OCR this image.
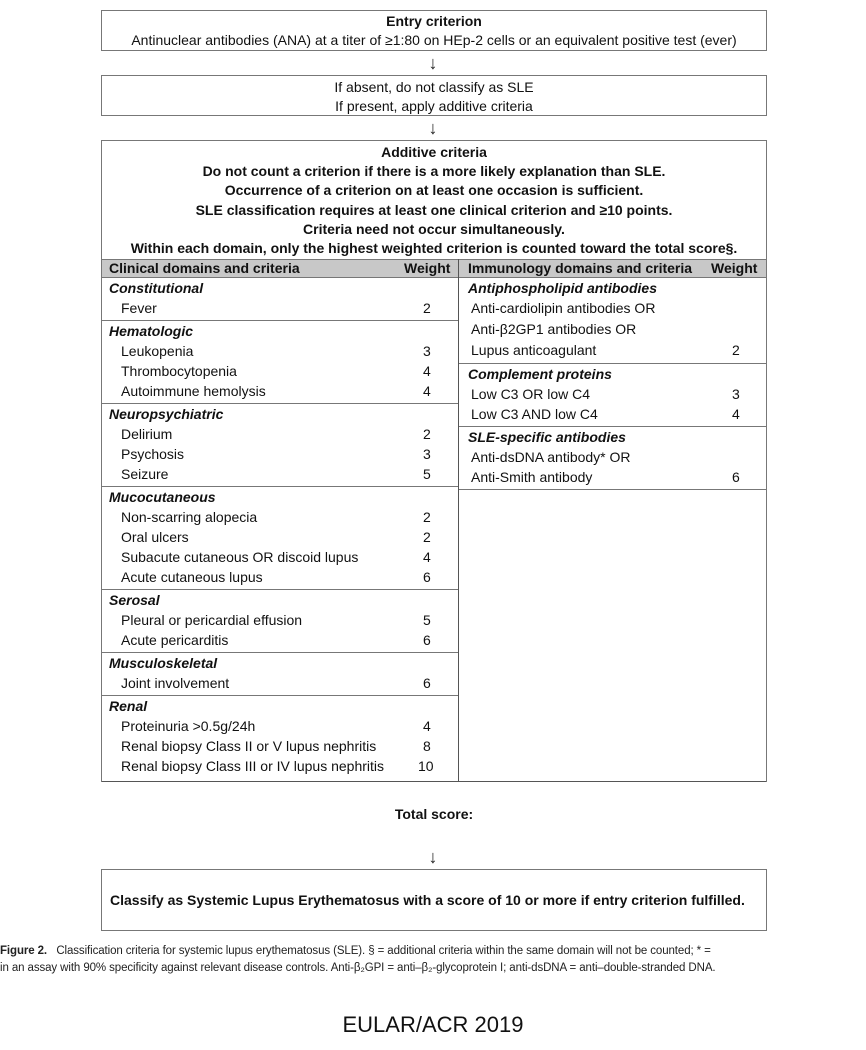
Entry criterion
Antinuclear antibodies (ANA) at a titer of ≥1:80 on HEp-2 cells or an equivalent positive test (ever)
↓
If absent, do not classify as SLE
If present, apply additive criteria
↓
Additive criteria
Do not count a criterion if there is a more likely explanation than SLE.
Occurrence of a criterion on at least one occasion is sufficient.
SLE classification requires at least one clinical criterion and ≥10 points.
Criteria need not occur simultaneously.
Within each domain, only the highest weighted criterion is counted toward the total score§.
Clinical domains and criteria	Weight Immunology domains and criteria Weight
Constitutional
Fever	2
Hematologic
Leukopenia	3
Thrombocytopenia	4
Autoimmune hemolysis	4
Neuropsychiatric
Delirium	2
Psychosis	3
Seizure	5
Mucocutaneous
Non-scarring alopecia	2
Oral ulcers	2
Subacute cutaneous OR discoid lupus	4
Acute cutaneous lupus	6
Serosal
Pleural or pericardial effusion	5
Acute pericarditis	6
Musculoskeletal
Joint involvement	6
Renal
Proteinuria >0.5g/24h	4
Renal biopsy Class II or V lupus nephritis	8
Renal biopsy Class III or IV lupus nephritis 10
Antiphospholipid antibodies
Anti-cardiolipin antibodies OR
Anti-β2GP1 antibodies OR
Lupus anticoagulant	2
Complement proteins
Low C3 OR low C4	3
Low C3 AND low C4	4
SLE-specific antibodies
Anti-dsDNA antibody* OR
Anti-Smith antibody	6
Total score:
↓
Classify as Systemic Lupus Erythematosus with a score of 10 or more if entry criterion fulfilled.
Figure 2. Classification criteria for systemic lupus erythematosus (SLE). § = additional criteria within the same domain will not be counted; * =
in an assay with 90% specificity against relevant disease controls. Anti-β₂GPI = anti–β₂-glycoprotein I; anti-dsDNA = anti–double-stranded DNA.
EULAR/ACR 2019
